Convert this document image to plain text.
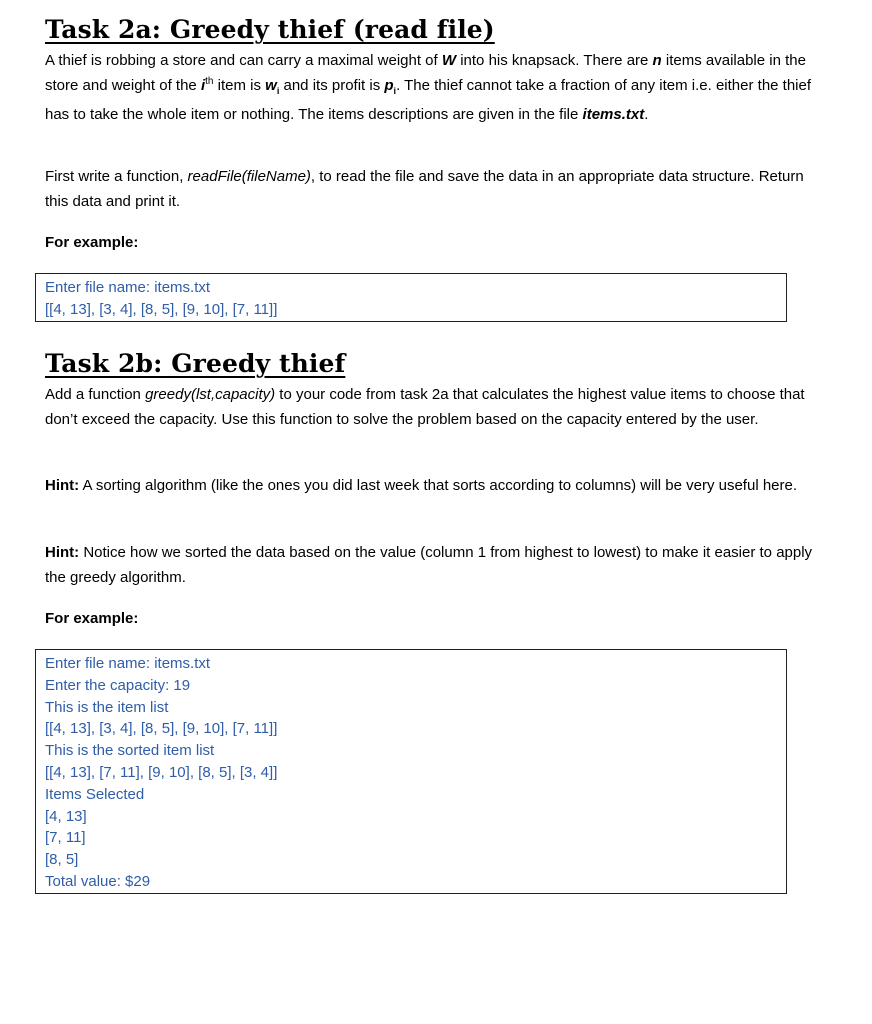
Task 2a: Greedy thief (read file)

A thief is robbing a store and can carry a maximal weight of W into his knapsack. There are n items available in the store and weight of the $i^{th}$ item is $w_i$ and its profit is $p_i$. The thief cannot take a fraction of any item i.e. either the thief has to take the whole item or nothing. The items descriptions are given in the file items.txt.

First write a function, readFile(fileName), to read the file and save the data in an appropriate data structure. Return this data and print it.

For example:

Enter file name: items.txt
[[4, 13], [3, 4], [8, 5], [9, 10], [7, 11]]
Task 2b: Greedy thief

Add a function greedy(lst,capacity) to your code from task 2a that calculates the highest value items to choose that don’t exceed the capacity. Use this function to solve the problem based on the capacity entered by the user.

Hint: A sorting algorithm (like the ones you did last week that sorts according to columns) will be very useful here.

Hint: Notice how we sorted the data based on the value (column 1 from highest to lowest) to make it easier to apply the greedy algorithm.

For example:

Enter file name: items.txt
Enter the capacity: 19
This is the item list
[[4, 13], [3, 4], [8, 5], [9, 10], [7, 11]]
This is the sorted item list
[[4, 13], [7, 11], [9, 10], [8, 5], [3, 4]]
Items Selected
[4, 13]
[7, 11]
[8, 5]
Total value: $29
